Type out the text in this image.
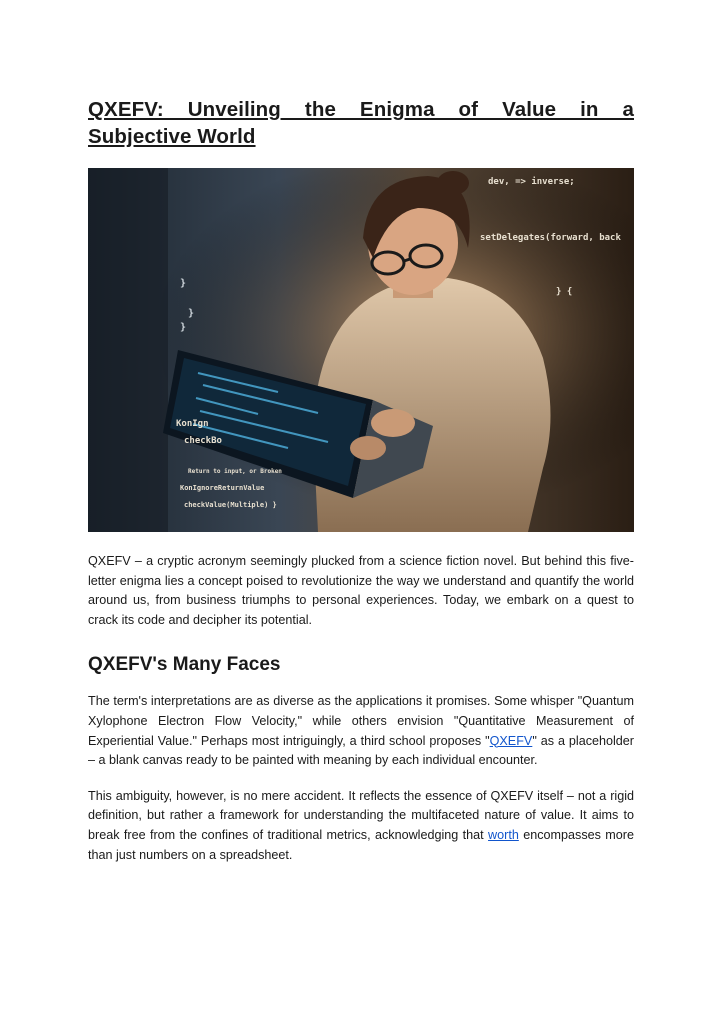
QXEFV: Unveiling the Enigma of Value in a
Subjective World
dev, => inverse;
setDelegates(forward, back
} {
KonIgn
checkBo
Return to input, or Broken
KonIgnoreReturnValue
checkValue(Multiple) }
}
}
}

QXEFV – a cryptic acronym seemingly plucked from a science fiction novel. But behind this five-letter enigma lies a concept poised to revolutionize the way we understand and quantify the world around us, from business triumphs to personal experiences. Today, we embark on a quest to crack its code and decipher its potential.

QXEFV's Many Faces

The term's interpretations are as diverse as the applications it promises. Some whisper "Quantum Xylophone Electron Flow Velocity," while others envision "Quantitative Measurement of Experiential Value." Perhaps most intriguingly, a third school proposes "QXEFV" as a placeholder – a blank canvas ready to be painted with meaning by each individual encounter.

This ambiguity, however, is no mere accident. It reflects the essence of QXEFV itself – not a rigid definition, but rather a framework for understanding the multifaceted nature of value. It aims to break free from the confines of traditional metrics, acknowledging that worth encompasses more than just numbers on a spreadsheet.
